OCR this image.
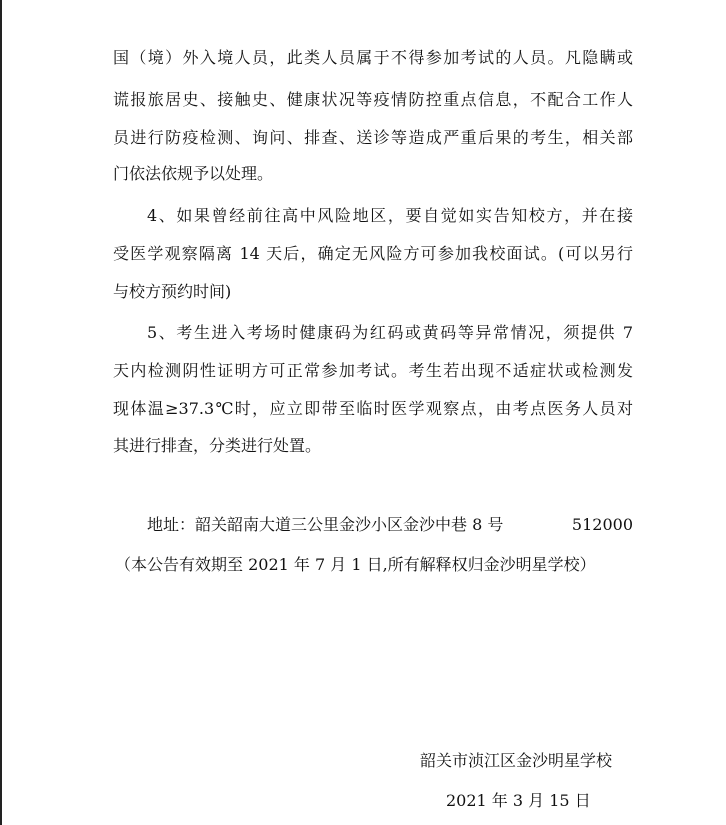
国（境）外入境人员，此类人员属于不得参加考试的人员。凡隐瞒或
谎报旅居史、接触史、健康状况等疫情防控重点信息，不配合工作人
员进行防疫检测、询问、排查、送诊等造成严重后果的考生，相关部
门依法依规予以处理。
4、如果曾经前往高中风险地区，要自觉如实告知校方，并在接
受医学观察隔离 14 天后，确定无风险方可参加我校面试。(可以另行
与校方预约时间)
5、考生进入考场时健康码为红码或黄码等异常情况，须提供 7
天内检测阴性证明方可正常参加考试。考生若出现不适症状或检测发
现体温≥37.3℃时，应立即带至临时医学观察点，由考点医务人员对
其进行排查，分类进行处置。
地址：韶关韶南大道三公里金沙小区金沙中巷 8 号	512000
（本公告有效期至 2021 年 7 月 1 日,所有解释权归金沙明星学校）
韶关市浈江区金沙明星学校
2021 年 3 月 15 日
